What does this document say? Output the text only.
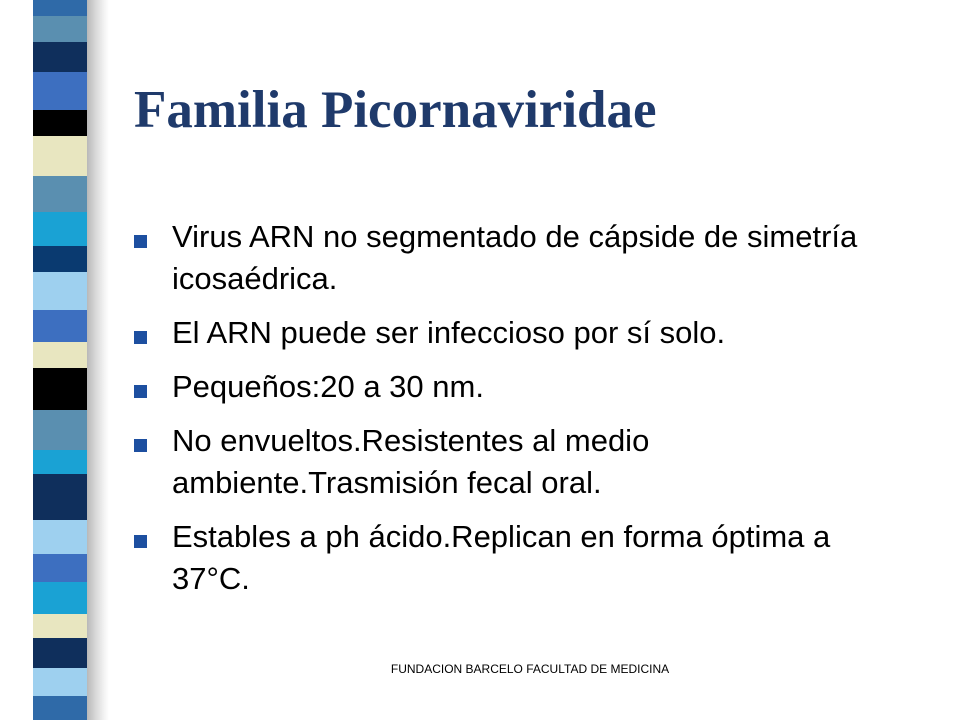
Familia Picornaviridae
Virus ARN no segmentado de cápside de simetría icosaédrica.
El ARN puede ser infeccioso por sí solo.
Pequeños:20 a 30 nm.
No envueltos.Resistentes al medio ambiente.Trasmisión fecal oral.
Estables a ph ácido.Replican en forma óptima a 37°C.
FUNDACION BARCELO FACULTAD DE MEDICINA
